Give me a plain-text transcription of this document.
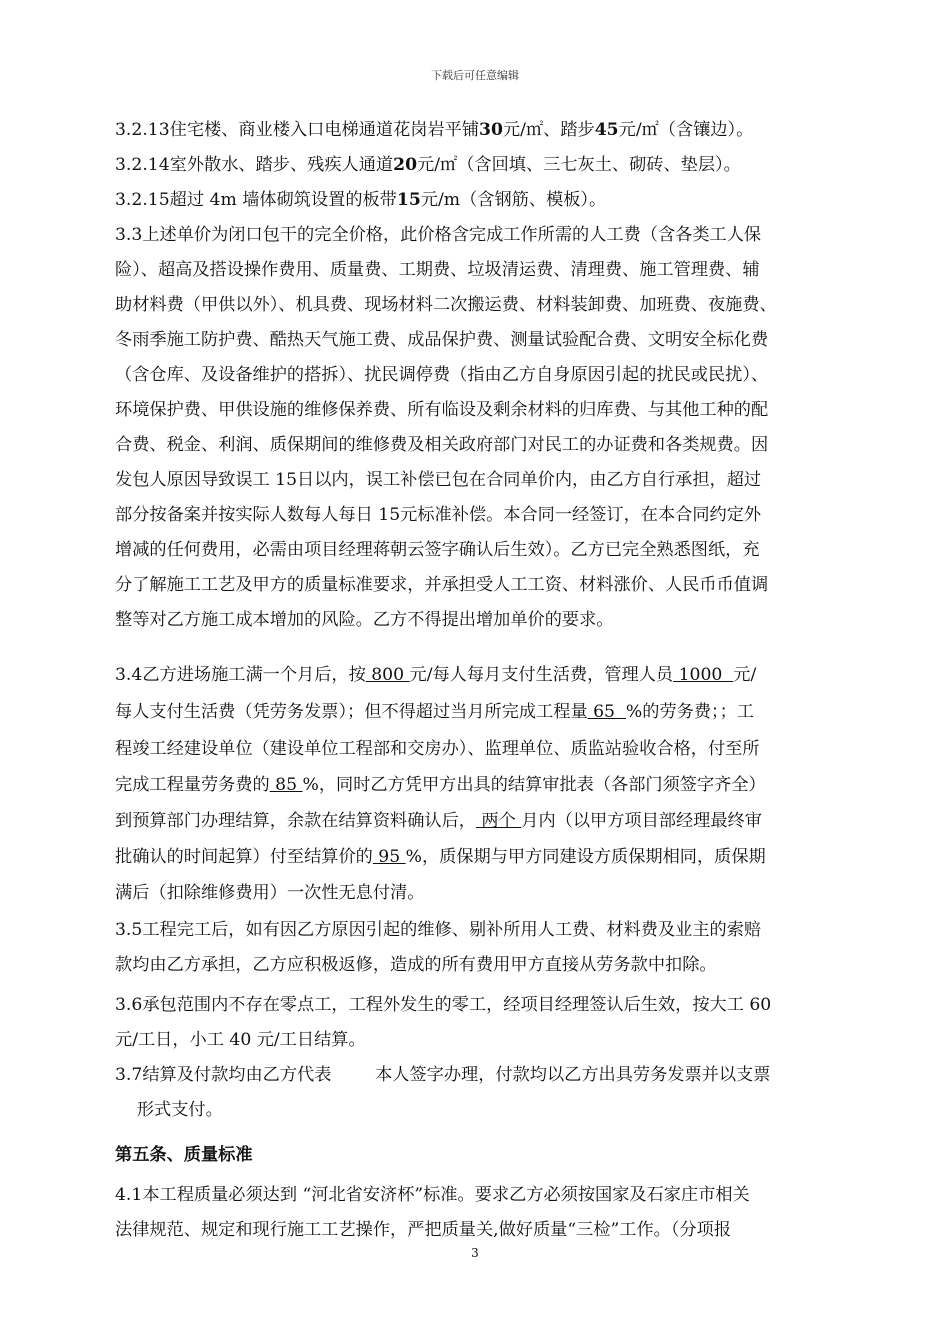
下载后可任意编辑
3.2.13住宅楼、商业楼入口电梯通道花岗岩平铺30元/㎡、踏步45元/㎡（含镶边）。
3.2.14室外散水、踏步、残疾人通道20元/㎡（含回填、三七灰土、砌砖、垫层）。
3.2.15超过 4m 墙体砌筑设置的板带15元/m（含钢筋、模板）。
3.3上述单价为闭口包干的完全价格，此价格含完成工作所需的人工费（含各类工人保
险）、超高及搭设操作费用、质量费、工期费、垃圾清运费、清理费、施工管理费、辅
助材料费（甲供以外）、机具费、现场材料二次搬运费、材料装卸费、加班费、夜施费、
冬雨季施工防护费、酷热天气施工费、成品保护费、测量试验配合费、文明安全标化费
（含仓库、及设备维护的搭拆）、扰民调停费（指由乙方自身原因引起的扰民或民扰）、
环境保护费、甲供设施的维修保养费、所有临设及剩余材料的归库费、与其他工种的配
合费、税金、利润、质保期间的维修费及相关政府部门对民工的办证费和各类规费。因
发包人原因导致误工 15日以内，误工补偿已包在合同单价内，由乙方自行承担，超过
部分按备案并按实际人数每人每日 15元标准补偿。本合同一经签订，在本合同约定外
增减的任何费用，必需由项目经理蒋朝云签字确认后生效）。乙方已完全熟悉图纸，充
分了解施工工艺及甲方的质量标准要求，并承担受人工工资、材料涨价、人民币币值调
整等对乙方施工成本增加的风险。乙方不得提出增加单价的要求。
3.4乙方进场施工满一个月后，按 800 元/每人每月支付生活费，管理人员 1000  元/
每人支付生活费（凭劳务发票）；但不得超过当月所完成工程量 65  %的劳务费；；工
程竣工经建设单位（建设单位工程部和交房办）、监理单位、质监站验收合格，付至所
完成工程量劳务费的 85 %，同时乙方凭甲方出具的结算审批表（各部门须签字齐全）
到预算部门办理结算，余款在结算资料确认后， 两个 月内（以甲方项目部经理最终审
批确认的时间起算）付至结算价的 95 %，质保期与甲方同建设方质保期相同，质保期
满后（扣除维修费用）一次性无息付清。
3.5工程完工后，如有因乙方原因引起的维修、剔补所用人工费、材料费及业主的索赔
款均由乙方承担，乙方应积极返修，造成的所有费用甲方直接从劳务款中扣除。
3.6承包范围内不存在零点工，工程外发生的零工，经项目经理签认后生效，按大工 60
元/工日，小工 40 元/工日结算。
3.7结算及付款均由乙方代表        本人签字办理，付款均以乙方出具劳务发票并以支票
形式支付。
第五条、质量标准
4.1本工程质量必须达到 “河北省安济杯”标准。要求乙方必须按国家及石家庄市相关
法律规范、规定和现行施工工艺操作，严把质量关,做好质量“三检”工作。（分项报
3
